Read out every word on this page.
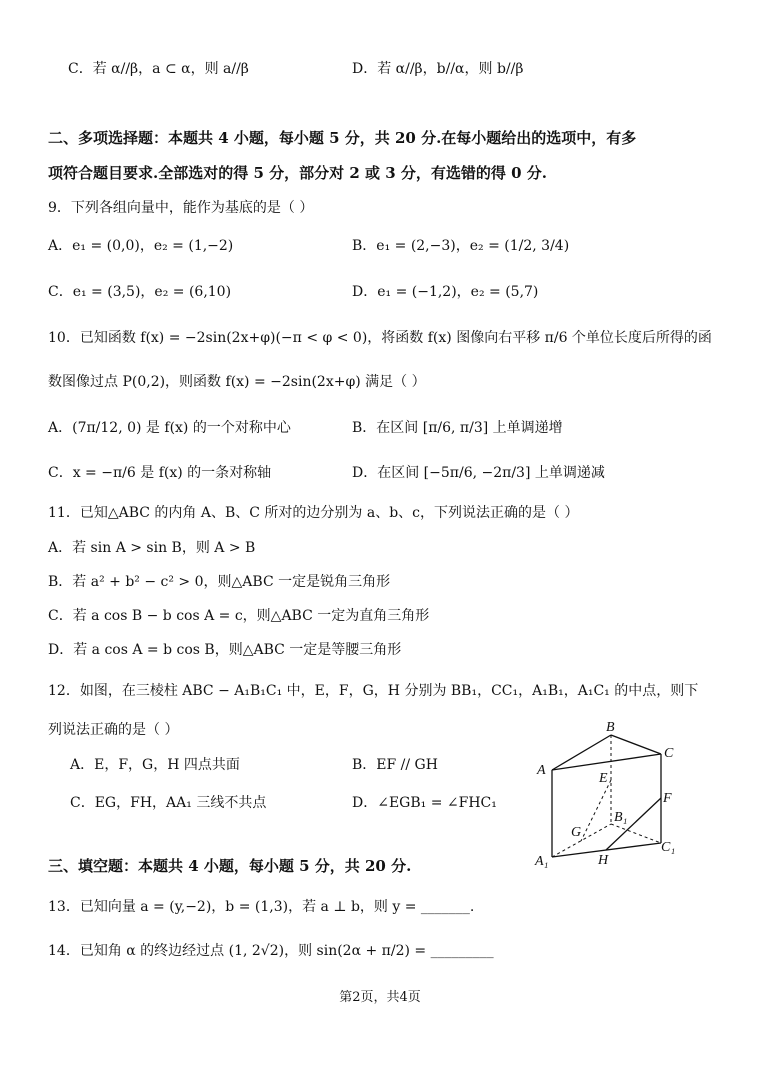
C．若 α//β，a ⊂ α，则 a//β	D．若 α//β，b//α，则 b//β
二、多项选择题：本题共 4 小题，每小题 5 分，共 20 分.在每小题给出的选项中，有多
项符合题目要求.全部选对的得 5 分，部分对 2 或 3 分，有选错的得 0 分.
9．下列各组向量中，能作为基底的是（ ）
A．e₁ = (0,0)，e₂ = (1,−2)	B．e₁ = (2,−3)，e₂ = (1/2, 3/4)
C．e₁ = (3,5)，e₂ = (6,10)	D．e₁ = (−1,2)，e₂ = (5,7)
10．已知函数 f(x) = −2sin(2x+φ)(−π < φ < 0)，将函数 f(x) 图像向右平移 π/6 个单位长度后所得的函
数图像过点 P(0,2)，则函数 f(x) = −2sin(2x+φ) 满足（ ）
A．(7π/12, 0) 是 f(x) 的一个对称中心	B．在区间 [π/6, π/3] 上单调递增
C．x = −π/6 是 f(x) 的一条对称轴	D．在区间 [−5π/6, −2π/3] 上单调递减
11．已知△ABC 的内角 A、B、C 所对的边分别为 a、b、c，下列说法正确的是（ ）
A．若 sin A > sin B，则 A > B
B．若 a² + b² − c² > 0，则△ABC 一定是锐角三角形
C．若 a cos B − b cos A = c，则△ABC 一定为直角三角形
D．若 a cos A = b cos B，则△ABC 一定是等腰三角形
12．如图，在三棱柱 ABC − A₁B₁C₁ 中，E，F，G，H 分别为 BB₁，CC₁，A₁B₁，A₁C₁ 的中点，则下
列说法正确的是（ ）
A．E，F，G，H 四点共面	B．EF // GH
C．EG，FH，AA₁ 三线不共点	D．∠EGB₁ = ∠FHC₁
B
C
A
E
F
B₁
G
C₁
A₁	H
三、填空题：本题共 4 小题，每小题 5 分，共 20 分.
13．已知向量 a = (y,−2)，b = (1,3)，若 a ⊥ b，则 y = _______.
14．已知角 α 的终边经过点 (1, 2√2)，则 sin(2α + π/2) = _________
第2页，共4页
